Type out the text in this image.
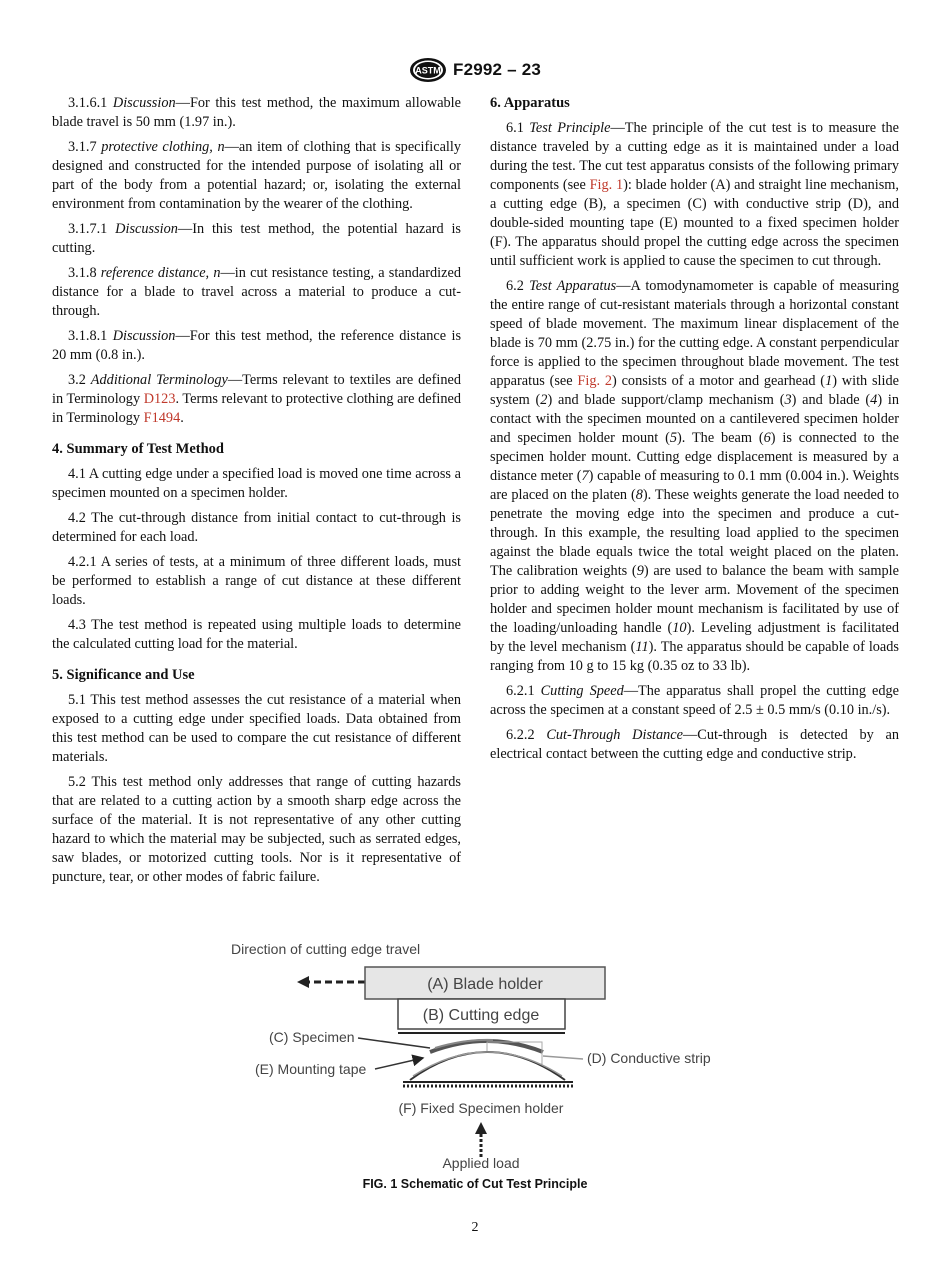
ASTM F2992 – 23

3.1.6.1 Discussion—For this test method, the maximum allowable blade travel is 50 mm (1.97 in.).

3.1.7 protective clothing, n—an item of clothing that is specifically designed and constructed for the intended purpose of isolating all or part of the body from a potential hazard; or, isolating the external environment from contamination by the wearer of the clothing.

3.1.7.1 Discussion—In this test method, the potential hazard is cutting.

3.1.8 reference distance, n—in cut resistance testing, a standardized distance for a blade to travel across a material to produce a cut-through.

3.1.8.1 Discussion—For this test method, the reference distance is 20 mm (0.8 in.).

3.2 Additional Terminology—Terms relevant to textiles are defined in Terminology D123. Terms relevant to protective clothing are defined in Terminology F1494.

4. Summary of Test Method

4.1 A cutting edge under a specified load is moved one time across a specimen mounted on a specimen holder.

4.2 The cut-through distance from initial contact to cut-through is determined for each load.

4.2.1 A series of tests, at a minimum of three different loads, must be performed to establish a range of cut distance at these different loads.

4.3 The test method is repeated using multiple loads to determine the calculated cutting load for the material.

5. Significance and Use

5.1 This test method assesses the cut resistance of a material when exposed to a cutting edge under specified loads. Data obtained from this test method can be used to compare the cut resistance of different materials.

5.2 This test method only addresses that range of cutting hazards that are related to a cutting action by a smooth sharp edge across the surface of the material. It is not representative of any other cutting hazard to which the material may be subjected, such as serrated edges, saw blades, or motorized cutting tools. Nor is it representative of puncture, tear, or other modes of fabric failure.

6. Apparatus

6.1 Test Principle—The principle of the cut test is to measure the distance traveled by a cutting edge as it is maintained under a load during the test. The cut test apparatus consists of the following primary components (see Fig. 1): blade holder (A) and straight line mechanism, a cutting edge (B), a specimen (C) with conductive strip (D), and double-sided mounting tape (E) mounted to a fixed specimen holder (F). The apparatus should propel the cutting edge across the specimen until sufficient work is applied to cause the specimen to cut through.

6.2 Test Apparatus—A tomodynamometer is capable of measuring the entire range of cut-resistant materials through a horizontal constant speed of blade movement. The maximum linear displacement of the blade is 70 mm (2.75 in.) for the cutting edge. A constant perpendicular force is applied to the specimen throughout blade movement. The test apparatus (see Fig. 2) consists of a motor and gearhead (1) with slide system (2) and blade support/clamp mechanism (3) and blade (4) in contact with the specimen mounted on a cantilevered specimen holder and specimen holder mount (5). The beam (6) is connected to the specimen holder mount. Cutting edge displacement is measured by a distance meter (7) capable of measuring to 0.1 mm (0.004 in.). Weights are placed on the platen (8). These weights generate the load needed to penetrate the moving edge into the specimen and produce a cut-through. In this example, the resulting load applied to the specimen against the blade equals twice the total weight placed on the platen. The calibration weights (9) are used to balance the beam with sample prior to adding weight to the lever arm. Movement of the specimen holder and specimen holder mount mechanism is facilitated by use of the loading/unloading handle (10). Leveling adjustment is facilitated by the level mechanism (11). The apparatus should be capable of loads ranging from 10 g to 15 kg (0.35 oz to 33 lb).

6.2.1 Cutting Speed—The apparatus shall propel the cutting edge across the specimen at a constant speed of 2.5 ± 0.5 mm/s (0.10 in./s).

6.2.2 Cut-Through Distance—Cut-through is detected by an electrical contact between the cutting edge and conductive strip.

Direction of cutting edge travel
(A) Blade holder
(B) Cutting edge
(C) Specimen
(E) Mounting tape
(D) Conductive strip
(F) Fixed Specimen holder
Applied load
FIG. 1 Schematic of Cut Test Principle
2
